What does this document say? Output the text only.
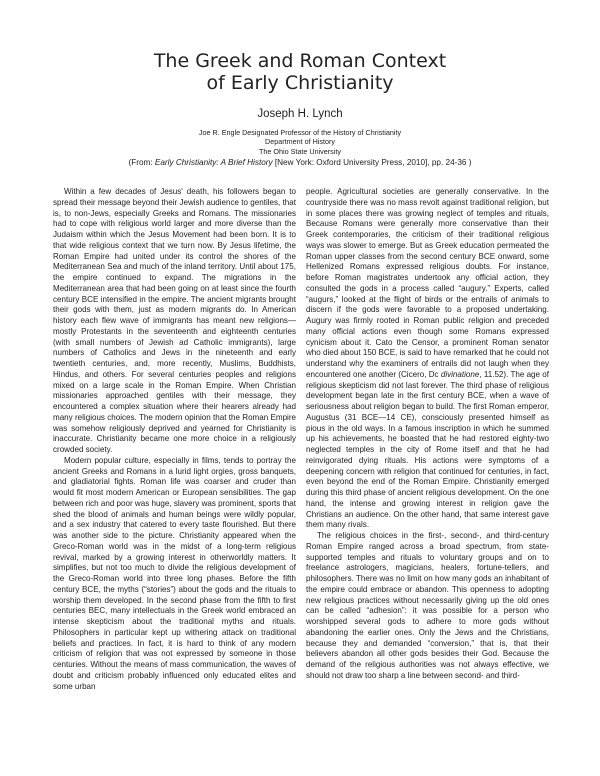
The Greek and Roman Context
of Early Christianity
Joseph H. Lynch
Joe R. Engle Designated Professor of the History of Christianity
Department of History
The Ohio State University
(From: Early Christianity: A Brief History [New York: Oxford University Press, 2010], pp. 24-36 )

Within a few decades of Jesus' death, his followers began to spread their message beyond their Jewish audience to gentiles, that is, to non-Jews, especially Greeks and Romans. The missionaries had to cope with religious world larger and more diverse than the Judaism within which the Jesus Movement had been born. It is to that wide religious context that we turn now. By Jesus lifetime, the Roman Empire had united under its control the shores of the Mediterranean Sea and much of the inland territory. Until about 175, the empire continued to expand. The migrations in the Mediterranean area that had been going on at least since the fourth century BCE intensified in the empire. The ancient migrants brought their gods with them, just as modern migrants do. In American history each flew wave of immigrants has meant new religions—mostly Protestants in the seventeenth and eighteenth centuries (with small numbers of Jewish ad Catholic immigrants), large numbers of Catholics and Jews in the nineteenth and early twentieth centuries, and, more recently, Muslims, Buddhists, Hindus, and others. For several centuries peoples and religions mixed on a large scale in the Roman Empire. When Christian missionaries approached gentiles with their message, they encountered a complex situation where their hearers already had many religious choices. The modern opinion that the Roman Empire was somehow religiously deprived and yearned for Christianity is inaccurate. Christianity became one more choice in a religiously crowded society.

Modern popular culture, especially in films, tends to portray the ancient Greeks and Romans in a lurid light orgies, gross banquets, and gladiatorial fights. Roman life was coarser and cruder than would fit most modern American or European sensibilities. The gap between rich and poor was huge, slavery was prominent, sports that shed the blood of animals and human beings were wildly popular, and a sex industry that catered to every taste flourished. But there was another side to the picture. Christianity appeared when the Greco-Roman world was in the midst of a long-term religious revival, marked by a growing interest in otherworldly matters. It simplifies, but not too much to divide the religious development of the Greco-Roman world into three long phases. Before the fifth century BCE, the myths (“stories”) about the gods and the rituals to worship them developed. In the second phase from the fifth to first centuries BEC, many intellectuals in the Greek world embraced an intense skepticism about the traditional myths and rituals. Philosophers in particular kept up withering attack on traditional beliefs and practices. In fact, it is hard to think of any modern criticism of religion that was not expressed by someone in those centuries. Without the means of mass communication, the waves of doubt and criticism probably influenced only educated elites and some urban

people. Agricultural societies are generally conservative. In the countryside there was no mass revolt against traditional religion, but in some places there was growing neglect of temples and rituals, Because Romans were generally more conservative than their Greek contemporaries, the criticism of their traditional religious ways was slower to emerge. But as Greek education permeated the Roman upper classes from the second century BCE onward, some Hellenized Romans expressed religious doubts. For instance, before Roman magistrates undertook any official action, they consulted the gods in a process called “augury.” Experts, called “augurs,” looked at the flight of birds or the entrails of animals to discern if the gods were favorable to a proposed undertaking. Augury was firmly rooted in Roman public religion and preceded many official actions even though some Romans expressed cynicism about it. Cato the Censor, a prominent Roman senator who died about 150 BCE, is said to have remarked that he could not understand why the examiners of entrails did not laugh when they encountered one another (Cicero, Dc divinatione, 11.52). The age of religious skepticism did not last forever. The third phase of religious development began late in the first century BCE, when a wave of seriousness about religion began to build. The first Roman emperor, Augustus (31 BCE—14 CE), consciously presented himself as pious in the old ways. In a famous inscription in which he summed up his achievements, he boasted that he had restored eighty-two neglected temples in the city of Rome itself and that he had reinvigorated dying rituals. His actions were symptoms of a deepening concern with religion that continued for centuries, in fact, even beyond the end of the Roman Empire. Christianity emerged during this third phase of ancient religious development. On the one hand, the intense and growing interest in religion gave the Christians an audience. On the other hand, that same interest gave them many rivals.

The religious choices in the first-, second-, and third-century Roman Empire ranged across a broad spectrum, from state-supported temples and rituals to voluntary groups and on to freelance astrologers, magicians, healers, fortune-tellers, and philosophers. There was no limit on how many gods an inhabitant of the empire could embrace or abandon. This openness to adopting new religious practices without necessarily giving up the old ones can be called “adhesion”: it was possible for a person who worshipped several gods to adhere to more gods without abandoning the earlier ones. Only the Jews and the Christians, because they and demanded “conversion,” that is, that their believers abandon all other gods besides their God. Because the demand of the religious authorities was not always effective, we should not draw too sharp a line between second- and third-
